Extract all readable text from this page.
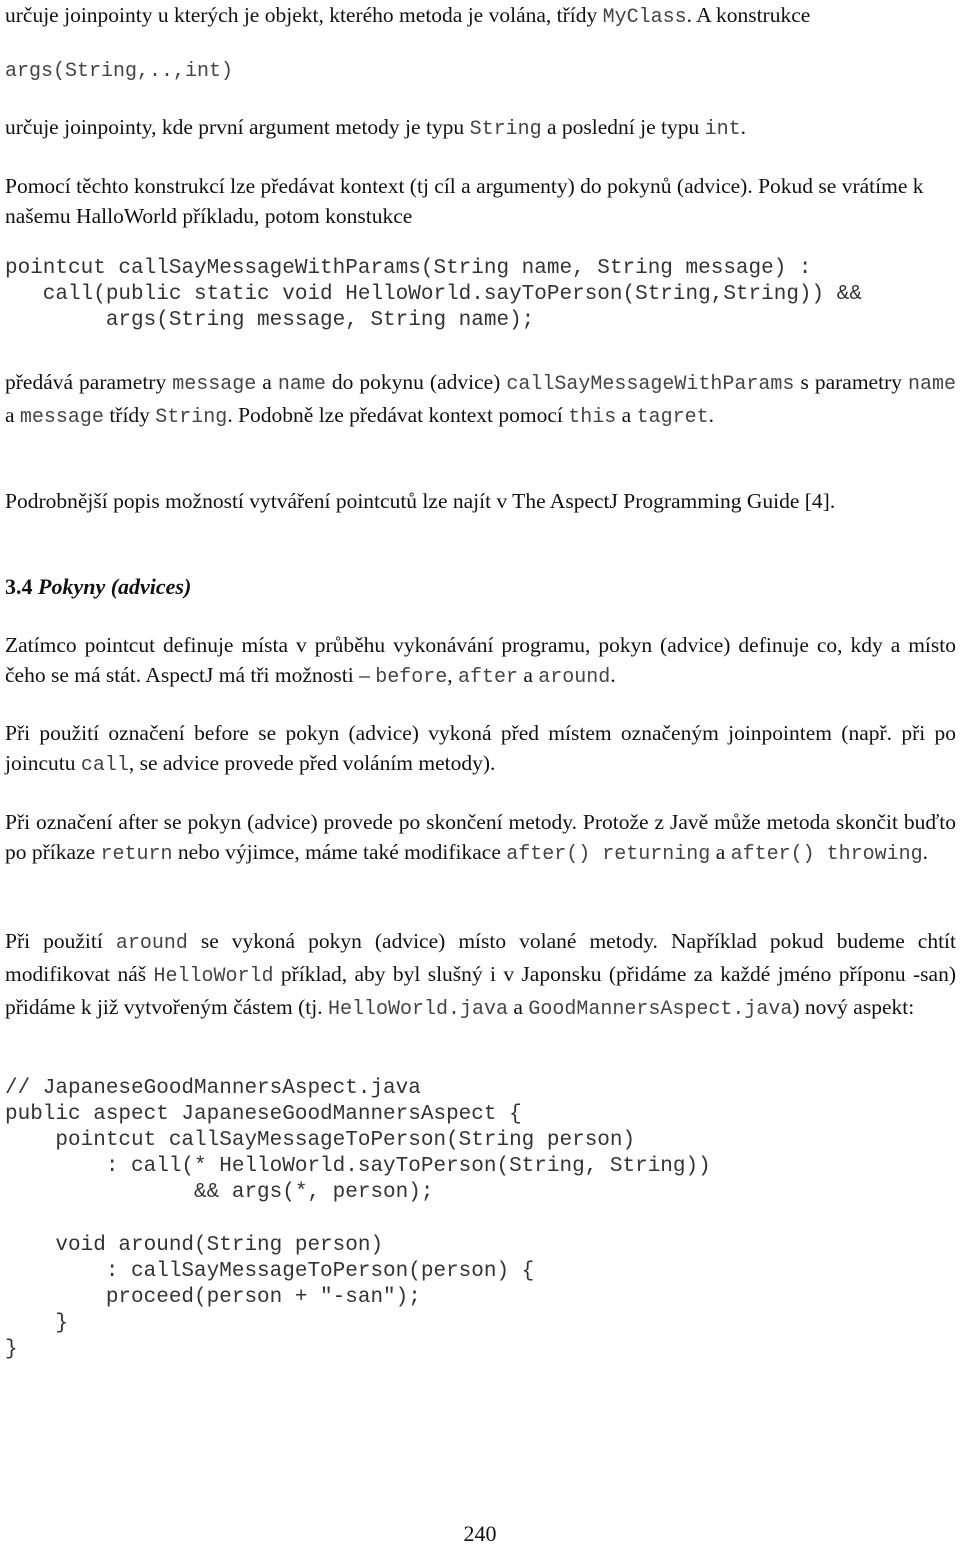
určuje joinpointy u kterých je objekt, kterého metoda je volána, třídy MyClass. A konstrukce

args(String,..,int)

určuje joinpointy, kde první argument metody je typu String a poslední je typu int.

Pomocí těchto konstrukcí lze předávat kontext (tj cíl a argumenty) do pokynů (advice). Pokud se vrátíme k našemu HalloWorld příkladu, potom konstukce

pointcut callSayMessageWithParams(String name, String message) :
call(public static void HelloWorld.sayToPerson(String,String)) &&
args(String message, String name);

předává parametry message a name do pokynu (advice) callSayMessageWithParams s parametry name a message třídy String. Podobně lze předávat kontext pomocí this a tagret.

Podrobnější popis možností vytváření pointcutů lze najít v The AspectJ Programming Guide [4].

3.4 Pokyny (advices)

Zatímco pointcut definuje místa v průběhu vykonávání programu, pokyn (advice) definuje co, kdy a místo čeho se má stát. AspectJ má tři možnosti – before, after a around.

Při použití označení before se pokyn (advice) vykoná před místem označeným joinpointem (např. při po joincutu call, se advice provede před voláním metody).

Při označení after se pokyn (advice) provede po skončení metody. Protože z Javě může metoda skončit buďto po příkaze return nebo výjimce, máme také modifikace after() returning a after() throwing.

Při použití around se vykoná pokyn (advice) místo volané metody. Například pokud budeme chtít modifikovat náš HelloWorld příklad, aby byl slušný i v Japonsku (přidáme za každé jméno příponu -san) přidáme k již vytvořeným částem (tj. HelloWorld.java a GoodMannersAspect.java) nový aspekt:

// JapaneseGoodMannersAspect.java
public aspect JapaneseGoodMannersAspect {
pointcut callSayMessageToPerson(String person)
: call(* HelloWorld.sayToPerson(String, String))
&& args(*, person);
void around(String person)
: callSayMessageToPerson(person) {
proceed(person + "-san");
}
}

240
